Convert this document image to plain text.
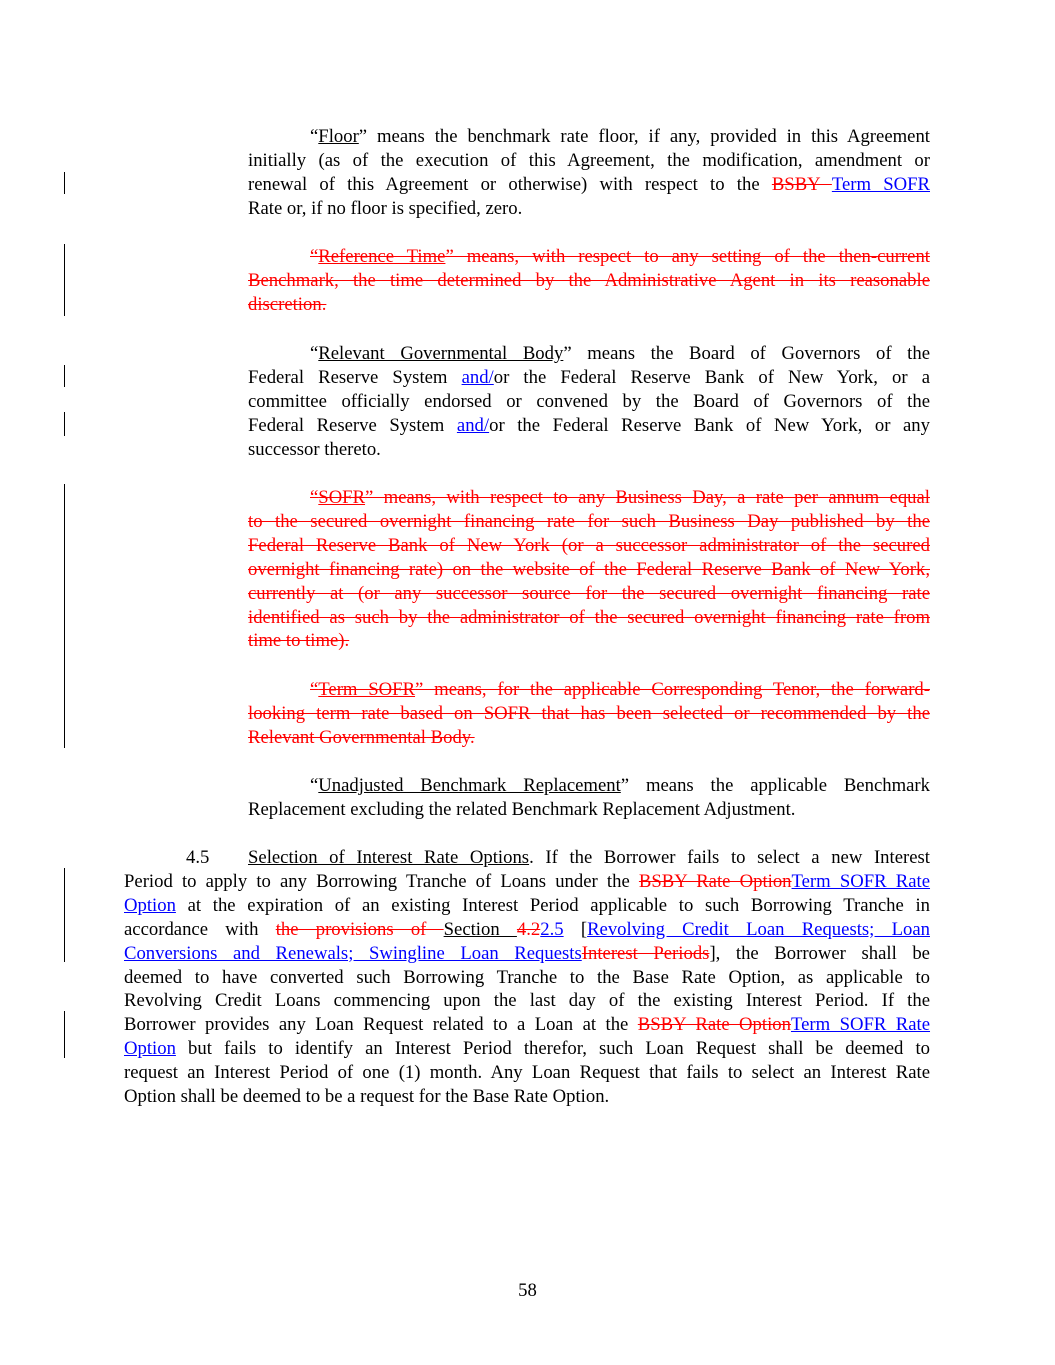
“Floor” means the benchmark rate floor, if any, provided in this Agreement
initially (as of the execution of this Agreement, the modification, amendment or
renewal of this Agreement or otherwise) with respect to the BSBY Term SOFR
Rate or, if no floor is specified, zero.
“Reference Time” means, with respect to any setting of the then-current
Benchmark, the time determined by the Administrative Agent in its reasonable
discretion.
“Relevant Governmental Body” means the Board of Governors of the
Federal Reserve System and/or the Federal Reserve Bank of New York, or a
committee officially endorsed or convened by the Board of Governors of the
Federal Reserve System and/or the Federal Reserve Bank of New York, or any
successor thereto.
“SOFR” means, with respect to any Business Day, a rate per annum equal
to the secured overnight financing rate for such Business Day published by the
Federal Reserve Bank of New York (or a successor administrator of the secured
overnight financing rate) on the website of the Federal Reserve Bank of New York,
currently at (or any successor source for the secured overnight financing rate
identified as such by the administrator of the secured overnight financing rate from
time to time).
“Term SOFR” means, for the applicable Corresponding Tenor, the forward-
looking term rate based on SOFR that has been selected or recommended by the
Relevant Governmental Body.
“Unadjusted Benchmark Replacement” means the applicable Benchmark
Replacement excluding the related Benchmark Replacement Adjustment.
4.5 Selection of Interest Rate Options. If the Borrower fails to select a new Interest
Period to apply to any Borrowing Tranche of Loans under the BSBY Rate OptionTerm SOFR Rate
Option at the expiration of an existing Interest Period applicable to such Borrowing Tranche in
accordance with the provisions of Section 4.22.5 [Revolving Credit Loan Requests; Loan
Conversions and Renewals; Swingline Loan RequestsInterest Periods], the Borrower shall be
deemed to have converted such Borrowing Tranche to the Base Rate Option, as applicable to
Revolving Credit Loans commencing upon the last day of the existing Interest Period. If the
Borrower provides any Loan Request related to a Loan at the BSBY Rate OptionTerm SOFR Rate
Option but fails to identify an Interest Period therefor, such Loan Request shall be deemed to
request an Interest Period of one (1) month. Any Loan Request that fails to select an Interest Rate
Option shall be deemed to be a request for the Base Rate Option.
58
